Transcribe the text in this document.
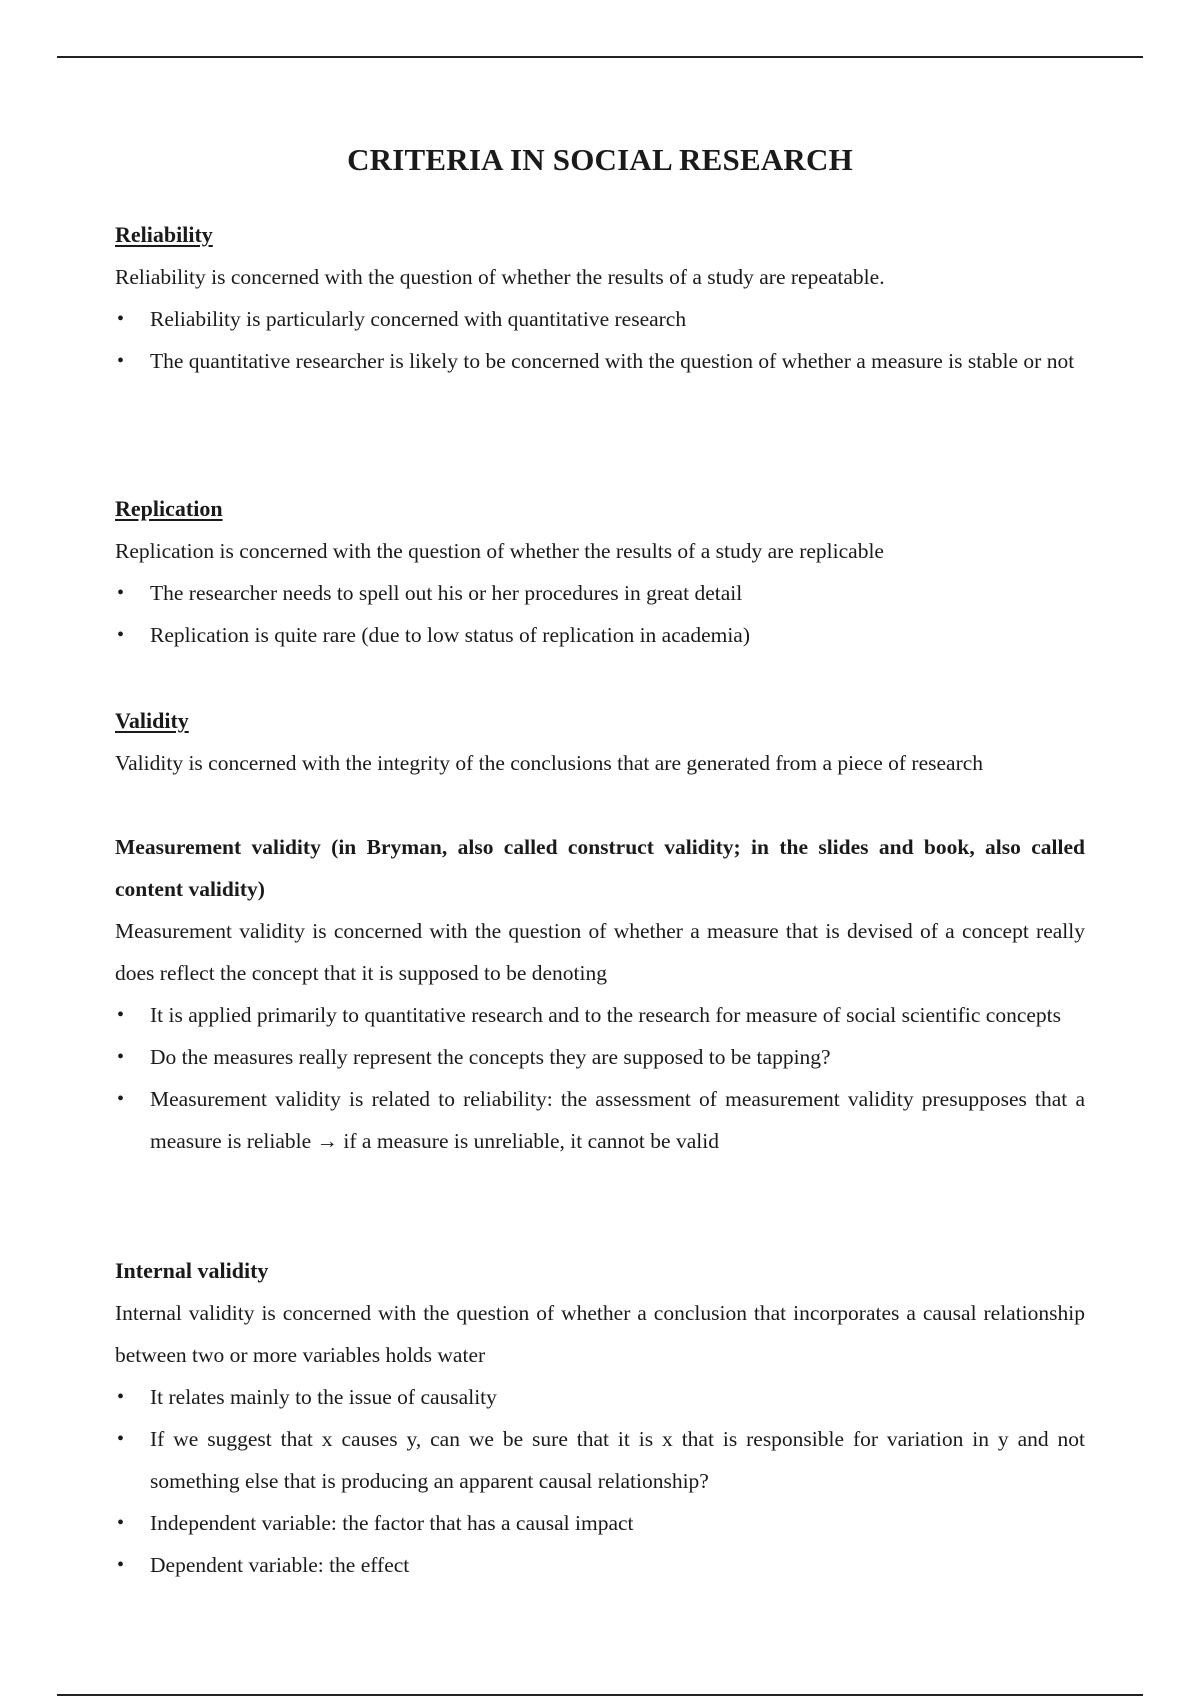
CRITERIA IN SOCIAL RESEARCH

Reliability

Reliability is concerned with the question of whether the results of a study are repeatable.

• Reliability is particularly concerned with quantitative research
• The quantitative researcher is likely to be concerned with the question of whether a measure is stable or not

Replication

Replication is concerned with the question of whether the results of a study are replicable

• The researcher needs to spell out his or her procedures in great detail
• Replication is quite rare (due to low status of replication in academia)

Validity

Validity is concerned with the integrity of the conclusions that are generated from a piece of research

Measurement validity (in Bryman, also called construct validity; in the slides and book, also called content validity)

Measurement validity is concerned with the question of whether a measure that is devised of a concept really does reflect the concept that it is supposed to be denoting

• It is applied primarily to quantitative research and to the research for measure of social scientific concepts
• Do the measures really represent the concepts they are supposed to be tapping?
• Measurement validity is related to reliability: the assessment of measurement validity presupposes that a measure is reliable → if a measure is unreliable, it cannot be valid

Internal validity

Internal validity is concerned with the question of whether a conclusion that incorporates a causal relationship between two or more variables holds water

• It relates mainly to the issue of causality
• If we suggest that x causes y, can we be sure that it is x that is responsible for variation in y and not something else that is producing an apparent causal relationship?
• Independent variable: the factor that has a causal impact
• Dependent variable: the effect
